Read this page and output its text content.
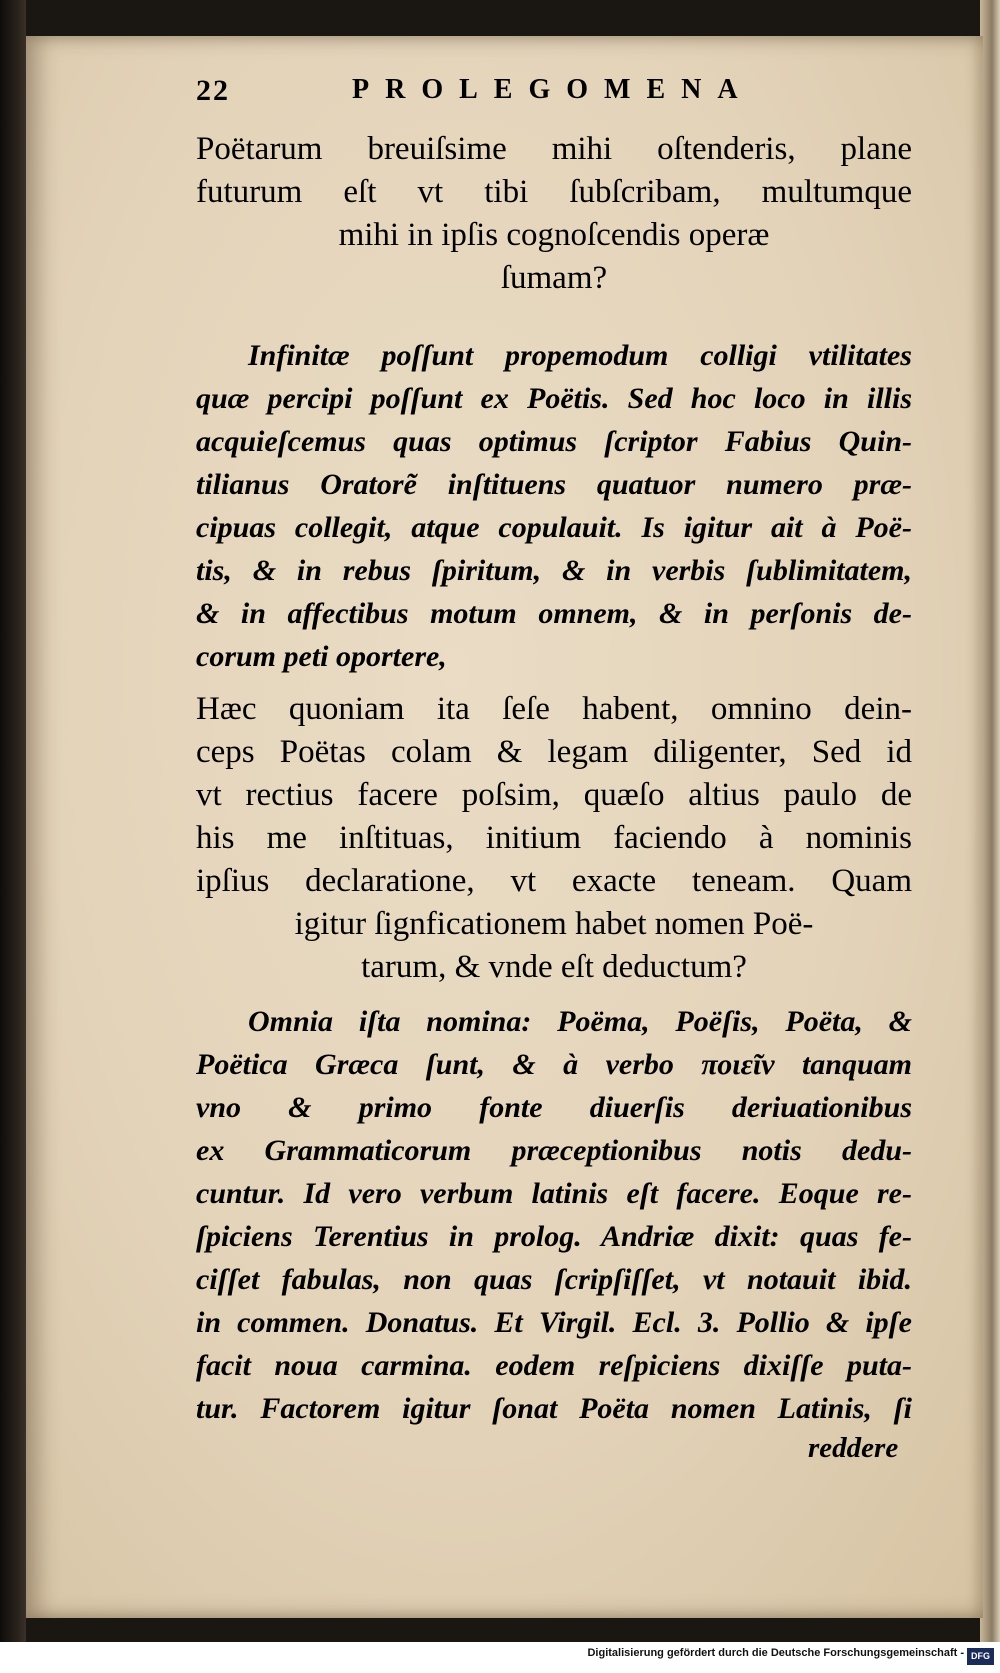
22	PROLEGOMENA
Poëtarum breuiſsime mihi oſtenderis, plane
futurum eſt vt tibi ſubſcribam, multumque
mihi in ipſis cognoſcendis operæ
ſumam?
Infinitæ poſſunt propemodum colligi vtilitates
quæ percipi poſſunt ex Poëtis. Sed hoc loco in illis
acquieſcemus quas optimus ſcriptor Fabius Quin-
tilianus Oratorẽ inſtituens quatuor numero præ-
cipuas collegit, atque copulauit. Is igitur ait à Poë-
tis, & in rebus ſpiritum, & in verbis ſublimitatem,
& in affectibus motum omnem, & in perſonis de-
corum peti oportere,
Hæc quoniam ita ſeſe habent, omnino dein-
ceps Poëtas colam & legam diligenter, Sed id
vt rectius facere poſsim, quæſo altius paulo de
his me inſtituas, initium faciendo à nominis
ipſius declaratione, vt exacte teneam. Quam
igitur ſignficationem habet nomen Poë-
tarum, & vnde eſt deductum?
Omnia iſta nomina: Poëma, Poëſis, Poëta, &
Poëtica Græca ſunt, & à verbo ποιεῖν tanquam
vno & primo fonte diuerſis deriuationibus
ex Grammaticorum præceptionibus notis dedu-
cuntur. Id vero verbum latinis eſt facere. Eoque re-
ſpiciens Terentius in prolog. Andriæ dixit: quas fe-
ciſſet fabulas, non quas ſcripſiſſet, vt notauit ibid.
in commen. Donatus. Et Virgil. Ecl. 3. Pollio & ipſe
facit noua carmina. eodem reſpiciens dixiſſe puta-
tur. Factorem igitur ſonat Poëta nomen Latinis, ſi
reddere
Digitalisierung gefördert durch die Deutsche Forschungsgemeinschaft - DFG
